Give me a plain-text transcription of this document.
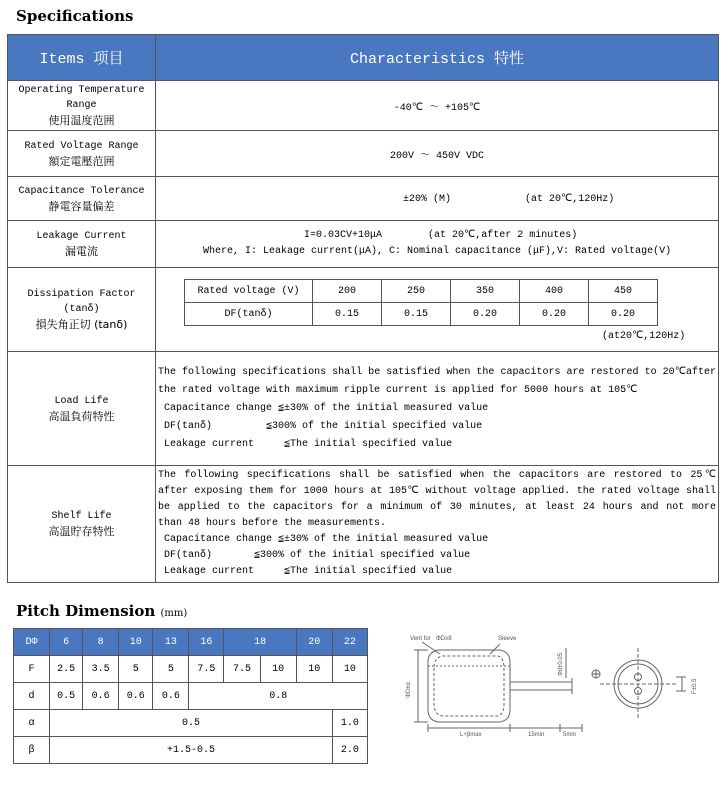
Specifications
Items 项目	Characteristics 特性

Operating Temperature Range
使用温度范囲
	-40℃ ～ +105℃

Rated Voltage Range
額定電壓范囲	200V ～ 450V VDC

Capacitance Tolerance
静電容量偏差
	±20% (M)	(at 20℃,120Hz)

Leakage Current
漏電流

I=0.03CV+10μA	(at 20℃,after 2 minutes)
Where, I: Leakage current(μA), C: Nominal capacitance (μF),V: Rated voltage(V)

Dissipation Factor
(tanδ)
損失角正切 (tanδ)

Rated voltage (V)	200	250	350	400	450
DF(tanδ)	0.15	0.15	0.20	0.20	0.20
(at20℃,120Hz)

Load Life
高温負荷特性

The following specifications shall be satisfied when the capacitors are restored to 20℃after the rated voltage with maximum ripple current is applied for 5000 hours at 105℃
Capacitance change ≦±30% of the initial measured value
DF(tanδ)         ≦300% of the initial specified value
Leakage current     ≦The initial specified value

Shelf Life
高温貯存特性

The following specifications shall be satisfied when the capacitors are restored to 25℃ after exposing them for 1000 hours at 105℃ without voltage applied. the rated voltage shall be applied to the capacitors for a minimum of 30 minutes, at least 24 hours and not more than 48 hours before the measurements.
Capacitance change ≦±30% of the initial measured value
DF(tanδ)       ≦300% of the initial specified value
Leakage current     ≦The initial specified value
Pitch Dimension (mm)
DΦ	6	8	10	13	16	18		20	22
F	2.5	3.5	5	5	7.5	7.5	10	10	10
d	0.5	0.6	0.6	0.6	0.8				
α	0.5								1.0
β	+1.5-0.5								2.0
Vent for ΦD≥8	Sleeve
ΦD±α
Φd±0.05
L+βmax	15min	5min
F±0.5
